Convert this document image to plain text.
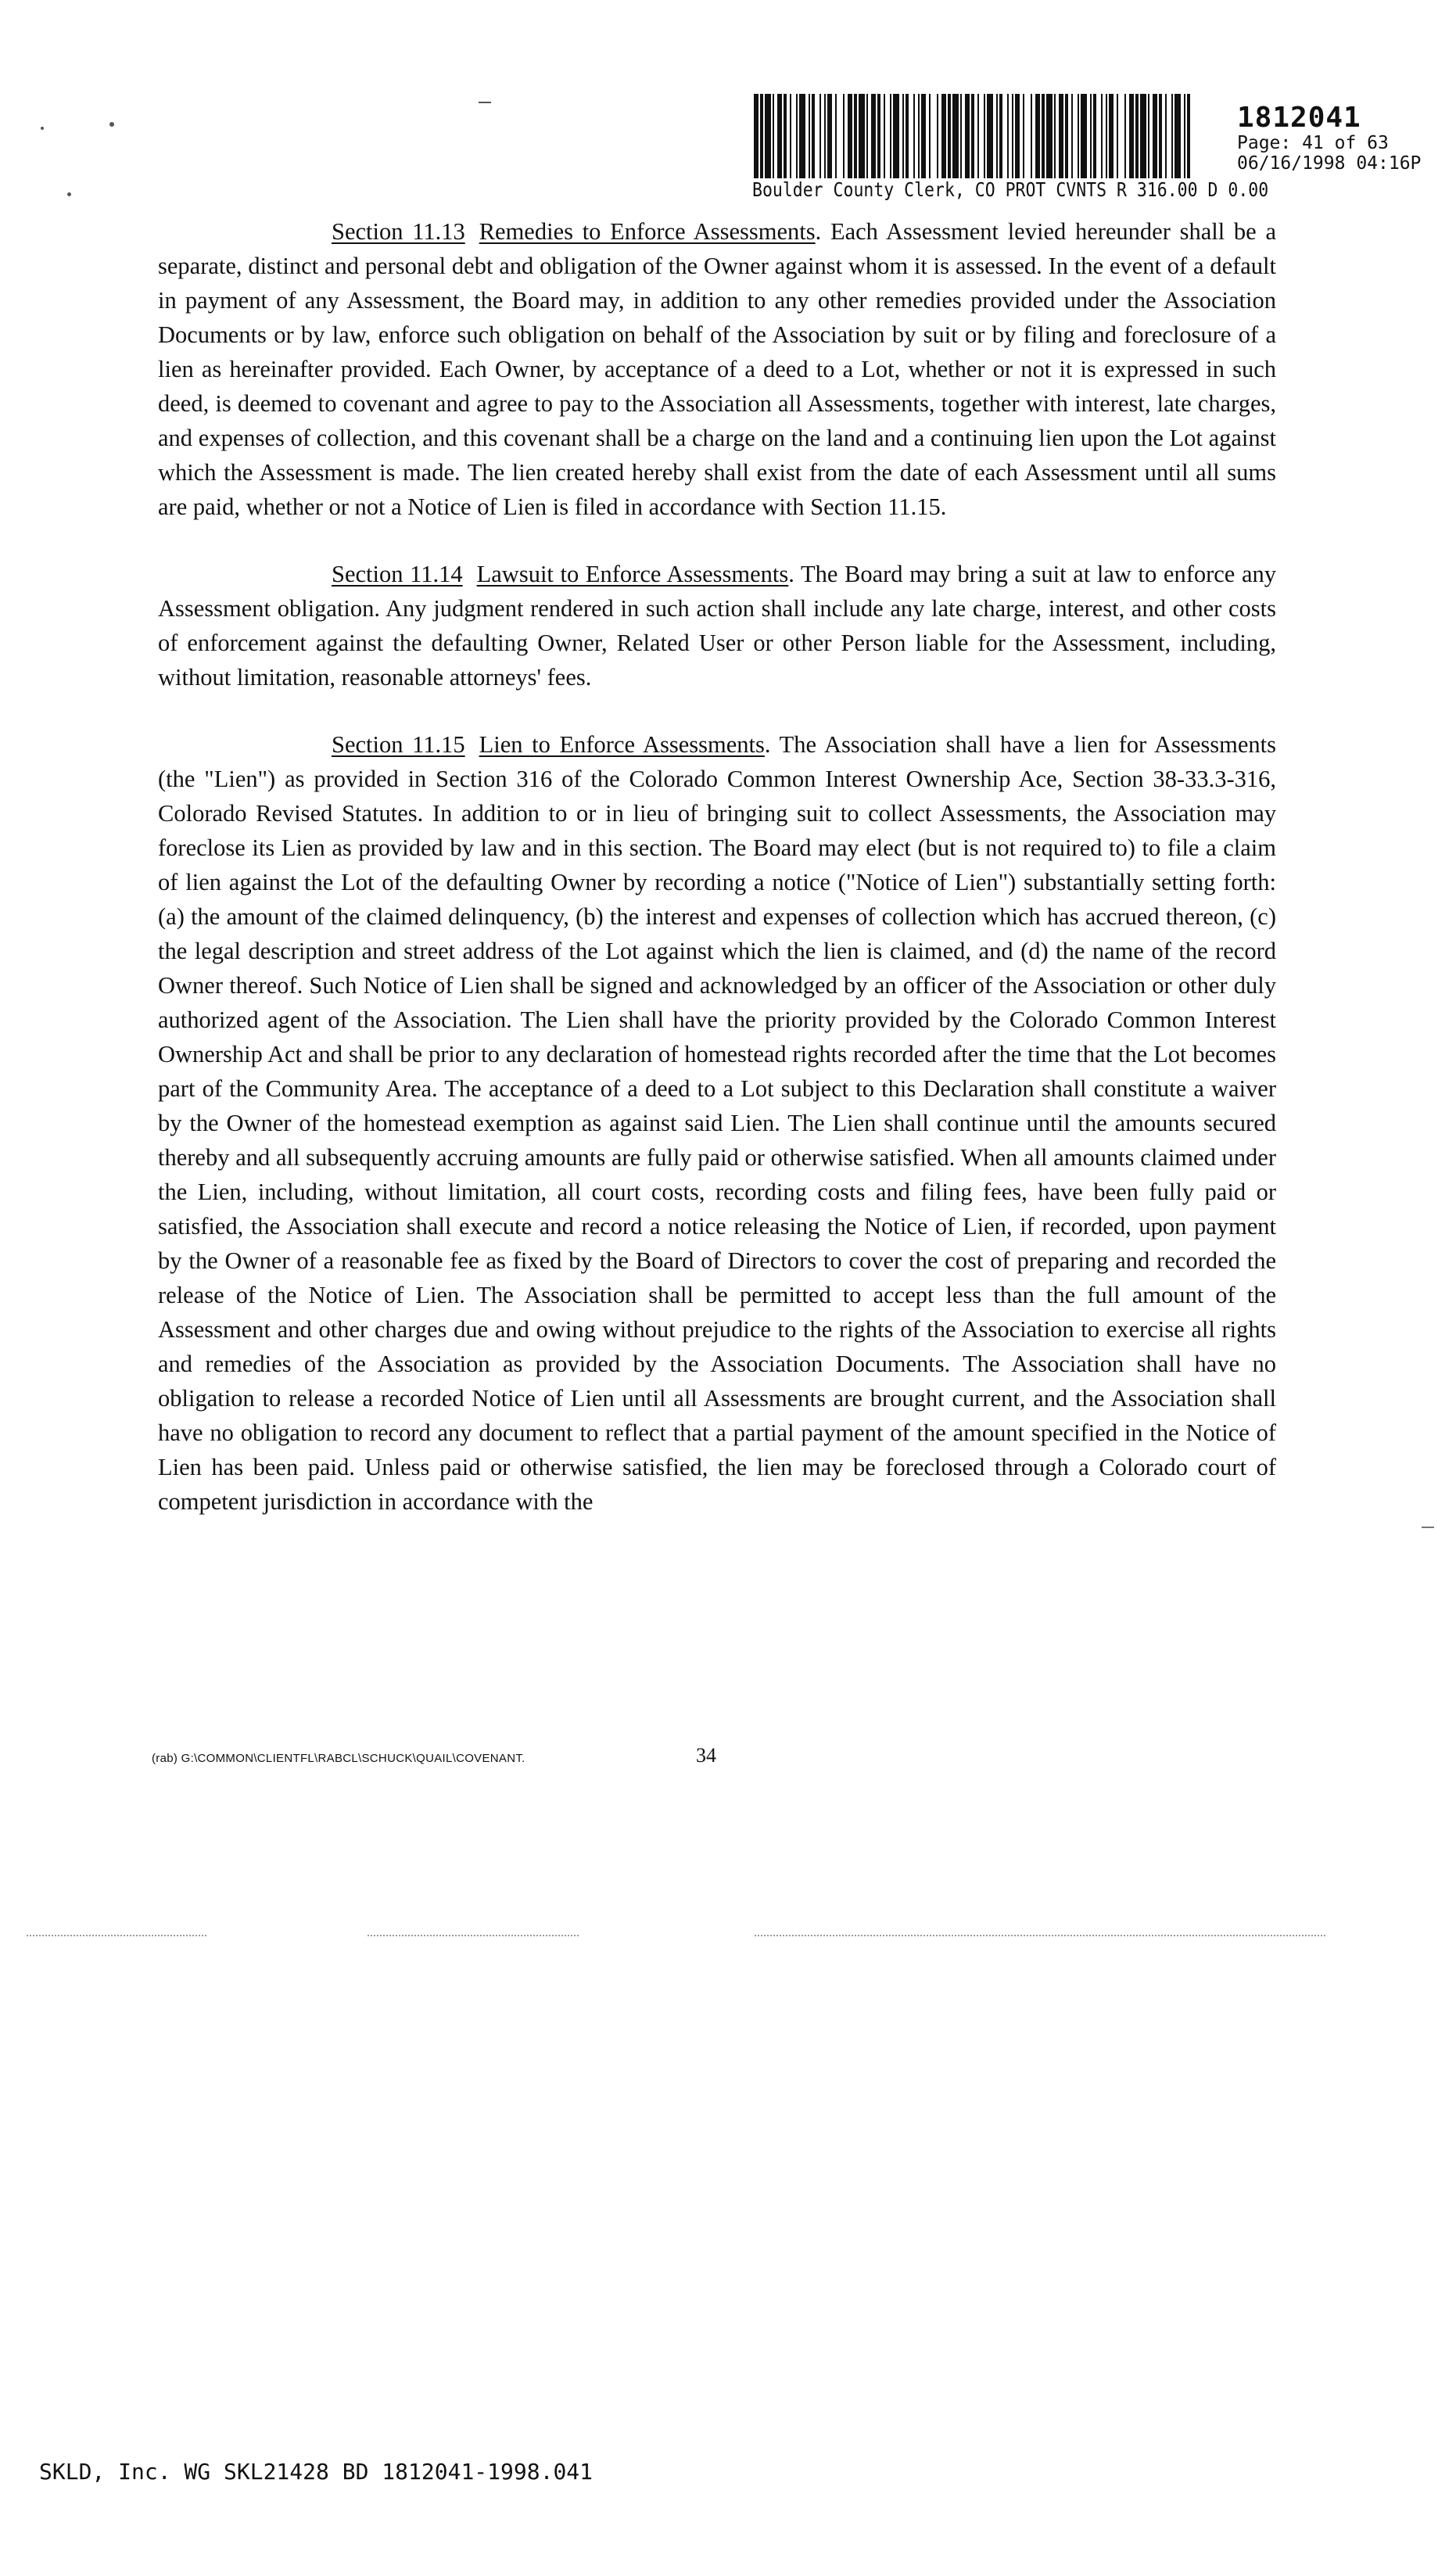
1812041
Page: 41 of 63
06/16/1998 04:16P
Boulder County Clerk, CO PROT CVNTS R 316.00 D 0.00

Section 11.13 Remedies to Enforce Assessments. Each Assessment levied hereunder shall be a separate, distinct and personal debt and obligation of the Owner against whom it is assessed. In the event of a default in payment of any Assessment, the Board may, in addition to any other remedies provided under the Association Documents or by law, enforce such obligation on behalf of the Association by suit or by filing and foreclosure of a lien as hereinafter provided. Each Owner, by acceptance of a deed to a Lot, whether or not it is expressed in such deed, is deemed to covenant and agree to pay to the Association all Assessments, together with interest, late charges, and expenses of collection, and this covenant shall be a charge on the land and a continuing lien upon the Lot against which the Assessment is made. The lien created hereby shall exist from the date of each Assessment until all sums are paid, whether or not a Notice of Lien is filed in accordance with Section 11.15.

Section 11.14 Lawsuit to Enforce Assessments. The Board may bring a suit at law to enforce any Assessment obligation. Any judgment rendered in such action shall include any late charge, interest, and other costs of enforcement against the defaulting Owner, Related User or other Person liable for the Assessment, including, without limitation, reasonable attorneys' fees.

Section 11.15 Lien to Enforce Assessments. The Association shall have a lien for Assessments (the "Lien") as provided in Section 316 of the Colorado Common Interest Ownership Ace, Section 38-33.3-316, Colorado Revised Statutes. In addition to or in lieu of bringing suit to collect Assessments, the Association may foreclose its Lien as provided by law and in this section. The Board may elect (but is not required to) to file a claim of lien against the Lot of the defaulting Owner by recording a notice ("Notice of Lien") substantially setting forth: (a) the amount of the claimed delinquency, (b) the interest and expenses of collection which has accrued thereon, (c) the legal description and street address of the Lot against which the lien is claimed, and (d) the name of the record Owner thereof. Such Notice of Lien shall be signed and acknowledged by an officer of the Association or other duly authorized agent of the Association. The Lien shall have the priority provided by the Colorado Common Interest Ownership Act and shall be prior to any declaration of homestead rights recorded after the time that the Lot becomes part of the Community Area. The acceptance of a deed to a Lot subject to this Declaration shall constitute a waiver by the Owner of the homestead exemption as against said Lien. The Lien shall continue until the amounts secured thereby and all subsequently accruing amounts are fully paid or otherwise satisfied. When all amounts claimed under the Lien, including, without limitation, all court costs, recording costs and filing fees, have been fully paid or satisfied, the Association shall execute and record a notice releasing the Notice of Lien, if recorded, upon payment by the Owner of a reasonable fee as fixed by the Board of Directors to cover the cost of preparing and recorded the release of the Notice of Lien. The Association shall be permitted to accept less than the full amount of the Assessment and other charges due and owing without prejudice to the rights of the Association to exercise all rights and remedies of the Association as provided by the Association Documents. The Association shall have no obligation to release a recorded Notice of Lien until all Assessments are brought current, and the Association shall have no obligation to record any document to reflect that a partial payment of the amount specified in the Notice of Lien has been paid. Unless paid or otherwise satisfied, the lien may be foreclosed through a Colorado court of competent jurisdiction in accordance with the

(rab) G:\COMMON\CLIENTFL\RABCL\SCHUCK\QUAIL\COVENANT.	34
SKLD, Inc. WG SKL21428 BD 1812041-1998.041
